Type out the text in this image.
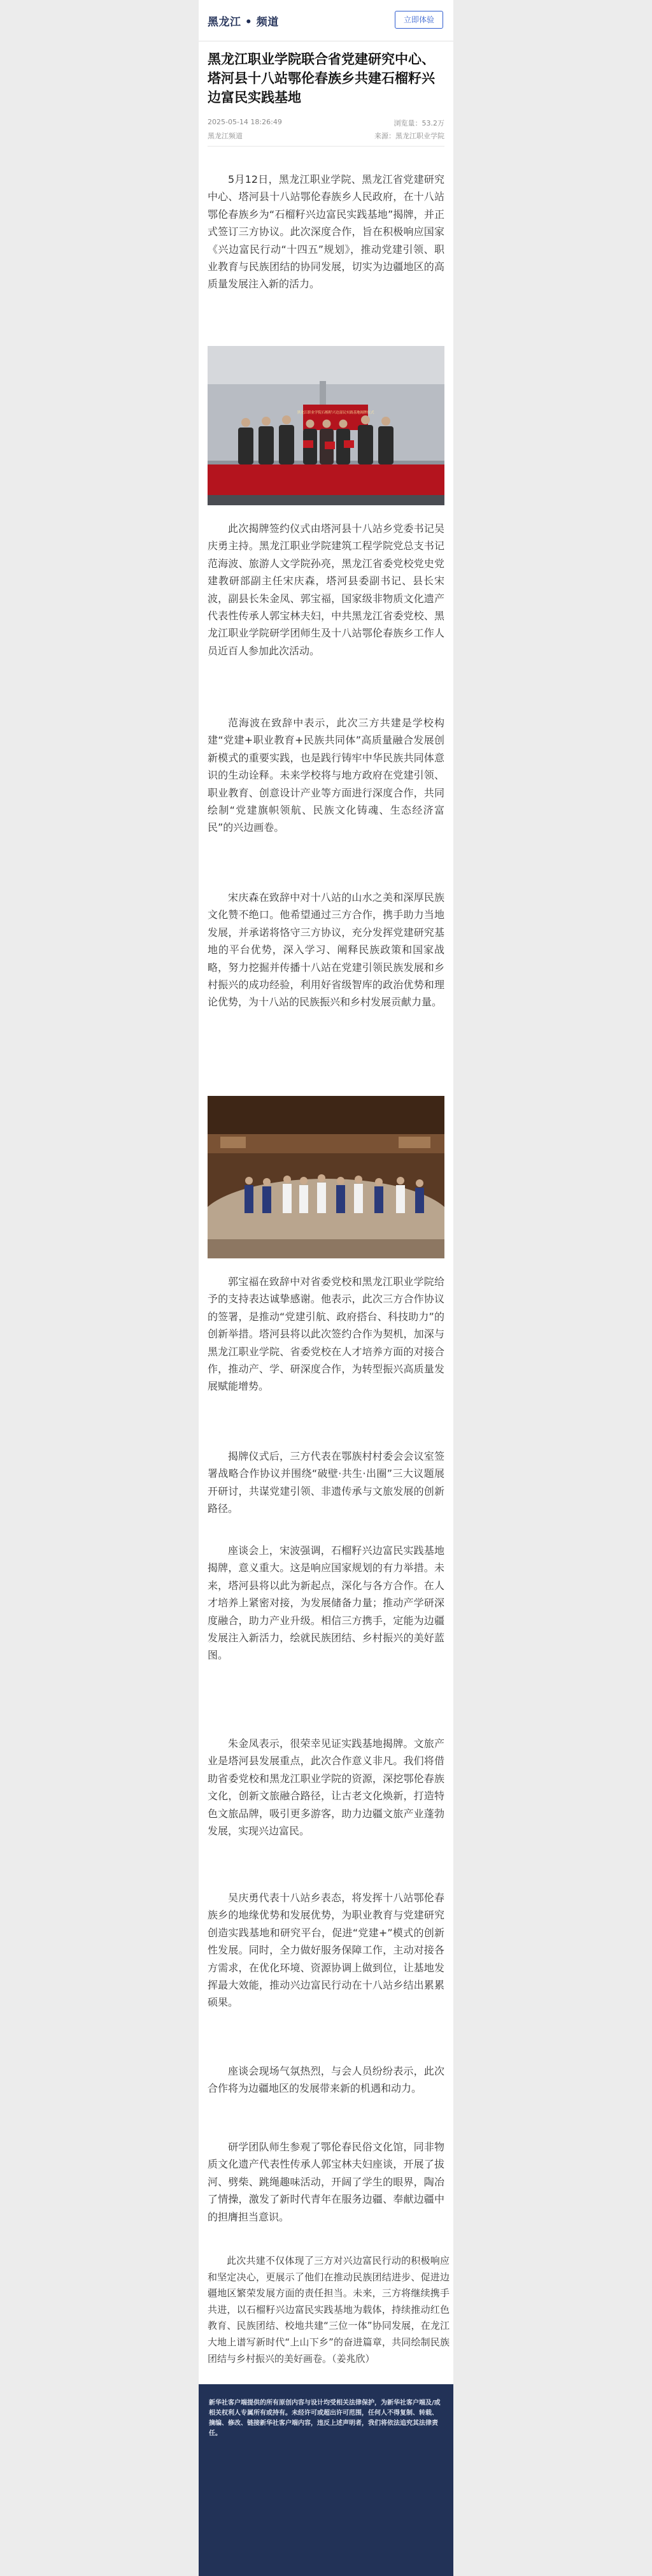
黑龙江 • 频道	立即体验
黑龙江职业学院联合省党建研究中心、塔河县十八站鄂伦春族乡共建石榴籽兴边富民实践基地
2025-05-14 18:26:49	浏览量：53.2万
黑龙江频道	来源：黑龙江职业学院

5月12日，黑龙江职业学院、黑龙江省党建研究中心、塔河县十八站鄂伦春族乡人民政府，在十八站鄂伦春族乡为“石榴籽兴边富民实践基地”揭牌，并正式签订三方协议。此次深度合作，旨在积极响应国家《兴边富民行动“十四五”规划》，推动党建引领、职业教育与民族团结的协同发展，切实为边疆地区的高质量发展注入新的活力。

黑龙江职业学院石榴籽兴边富民实践基地揭牌仪式

此次揭牌签约仪式由塔河县十八站乡党委书记吴庆勇主持。黑龙江职业学院建筑工程学院党总支书记范海波、旅游人文学院孙亮，黑龙江省委党校党史党建教研部副主任宋庆森，塔河县委副书记、县长宋波，副县长朱金凤、郭宝福，国家级非物质文化遗产代表性传承人郭宝林夫妇，中共黑龙江省委党校、黑龙江职业学院研学团师生及十八站鄂伦春族乡工作人员近百人参加此次活动。

范海波在致辞中表示，此次三方共建是学校构建“党建+职业教育+民族共同体”高质量融合发展创新模式的重要实践，也是践行铸牢中华民族共同体意识的生动诠释。未来学校将与地方政府在党建引领、职业教育、创意设计产业等方面进行深度合作，共同绘制“党建旗帜领航、民族文化铸魂、生态经济富民”的兴边画卷。

宋庆森在致辞中对十八站的山水之美和深厚民族文化赞不绝口。他希望通过三方合作，携手助力当地发展，并承诺将恪守三方协议，充分发挥党建研究基地的平台优势，深入学习、阐释民族政策和国家战略，努力挖掘并传播十八站在党建引领民族发展和乡村振兴的成功经验，利用好省级智库的政治优势和理论优势，为十八站的民族振兴和乡村发展贡献力量。

郭宝福在致辞中对省委党校和黑龙江职业学院给予的支持表达诚挚感谢。他表示，此次三方合作协议的签署，是推动“党建引航、政府搭台、科技助力”的创新举措。塔河县将以此次签约合作为契机，加深与黑龙江职业学院、省委党校在人才培养方面的对接合作，推动产、学、研深度合作，为转型振兴高质量发展赋能增势。

揭牌仪式后，三方代表在鄂族村村委会会议室签署战略合作协议并围绕“破壁·共生·出圈”三大议题展开研讨，共谋党建引领、非遗传承与文旅发展的创新路径。

座谈会上，宋波强调，石榴籽兴边富民实践基地揭牌，意义重大。这是响应国家规划的有力举措。未来，塔河县将以此为新起点，深化与各方合作。在人才培养上紧密对接，为发展储备力量；推动产学研深度融合，助力产业升级。相信三方携手，定能为边疆发展注入新活力，绘就民族团结、乡村振兴的美好蓝图。

朱金凤表示，很荣幸见证实践基地揭牌。文旅产业是塔河县发展重点，此次合作意义非凡。我们将借助省委党校和黑龙江职业学院的资源，深挖鄂伦春族文化，创新文旅融合路径，让古老文化焕新，打造特色文旅品牌，吸引更多游客，助力边疆文旅产业蓬勃发展，实现兴边富民。

吴庆勇代表十八站乡表态，将发挥十八站鄂伦春族乡的地缘优势和发展优势，为职业教育与党建研究创造实践基地和研究平台，促进“党建+”模式的创新性发展。同时，全力做好服务保障工作，主动对接各方需求，在优化环境、资源协调上做到位，让基地发挥最大效能，推动兴边富民行动在十八站乡结出累累硕果。

座谈会现场气氛热烈，与会人员纷纷表示，此次合作将为边疆地区的发展带来新的机遇和动力。

研学团队师生参观了鄂伦春民俗文化馆，同非物质文化遗产代表性传承人郭宝林夫妇座谈，开展了拔河、劈柴、跳绳趣味活动，开阔了学生的眼界，陶冶了情操，激发了新时代青年在服务边疆、奉献边疆中的担膺担当意识。

此次共建不仅体现了三方对兴边富民行动的积极响应和坚定决心，更展示了他们在推动民族团结进步、促进边疆地区繁荣发展方面的责任担当。未来，三方将继续携手共进，以石榴籽兴边富民实践基地为载体，持续推动红色教育、民族团结、校地共建“三位一体”协同发展，在龙江大地上谱写新时代“上山下乡”的奋进篇章，共同绘制民族团结与乡村振兴的美好画卷。（姜兆欣）

新华社客户端提供的所有原创内容与设计均受相关法律保护，为新华社客户端及/或相关权利人专属所有或持有。未经许可或超出许可范围，任何人不得复制、转载、摘编、修改、链接新华社客户端内容，违反上述声明者，我们将依法追究其法律责任。
